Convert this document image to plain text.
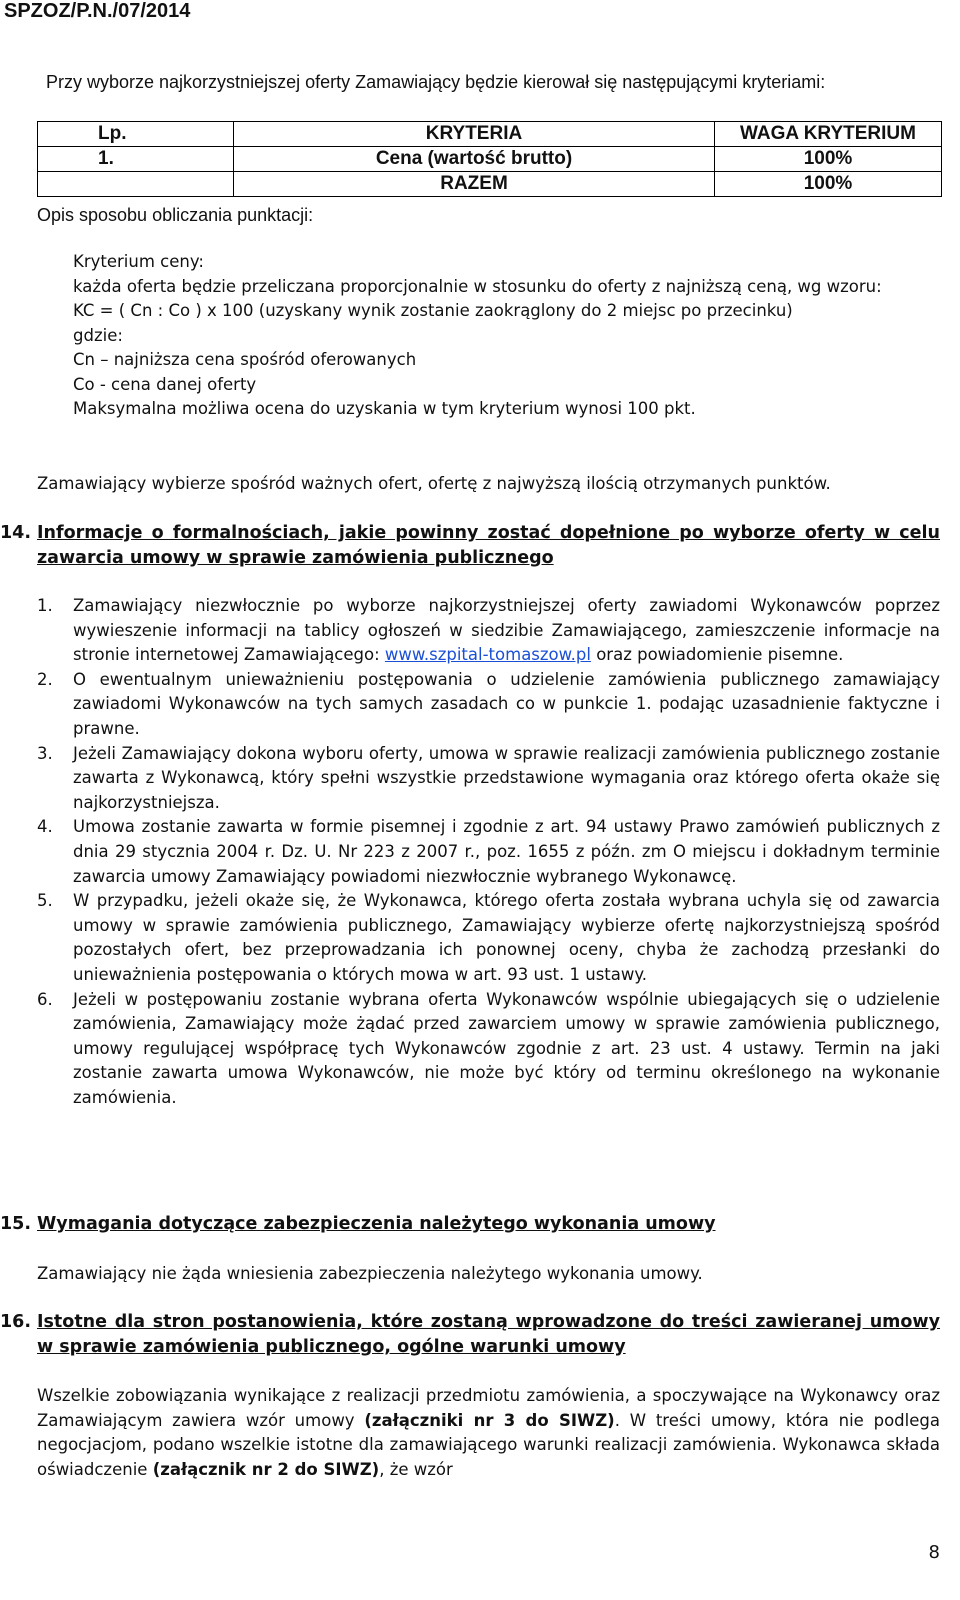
SPZOZ/P.N./07/2014
Przy wyborze najkorzystniejszej oferty Zamawiający będzie kierował się następującymi kryteriami:
Lp.	KRYTERIA	WAGA KRYTERIUM
1.	Cena (wartość brutto)	100%
	RAZEM	100%
Opis sposobu obliczania punktacji:
Kryterium ceny:
każda oferta będzie przeliczana proporcjonalnie w stosunku do oferty z najniższą ceną, wg wzoru:
KC = ( Cn : Co ) x 100 (uzyskany wynik zostanie zaokrąglony do 2 miejsc po przecinku)
gdzie:
Cn – najniższa cena spośród oferowanych
Co - cena danej oferty
Maksymalna możliwa ocena do uzyskania w tym kryterium wynosi 100 pkt.
Zamawiający wybierze spośród ważnych ofert, ofertę z najwyższą ilością otrzymanych punktów.
14. Informacje o formalnościach, jakie powinny zostać dopełnione po wyborze oferty w celu zawarcia umowy w sprawie zamówienia publicznego
1. Zamawiający niezwłocznie po wyborze najkorzystniejszej oferty zawiadomi Wykonawców poprzez wywieszenie informacji na tablicy ogłoszeń w siedzibie Zamawiającego, zamieszczenie informacje na stronie internetowej Zamawiającego: www.szpital-tomaszow.pl oraz powiadomienie pisemne.
2. O ewentualnym unieważnieniu postępowania o udzielenie zamówienia publicznego zamawiający zawiadomi Wykonawców na tych samych zasadach co w punkcie 1. podając uzasadnienie faktyczne i prawne.
3. Jeżeli Zamawiający dokona wyboru oferty, umowa w sprawie realizacji zamówienia publicznego zostanie zawarta z Wykonawcą, który spełni wszystkie przedstawione wymagania oraz którego oferta okaże się najkorzystniejsza.
4. Umowa zostanie zawarta w formie pisemnej i zgodnie z art. 94 ustawy Prawo zamówień publicznych z dnia 29 stycznia 2004 r. Dz. U. Nr 223 z 2007 r., poz. 1655 z późn. zm O miejscu i dokładnym terminie zawarcia umowy Zamawiający powiadomi niezwłocznie wybranego Wykonawcę.
5. W przypadku, jeżeli okaże się, że Wykonawca, którego oferta została wybrana uchyla się od zawarcia umowy w sprawie zamówienia publicznego, Zamawiający wybierze ofertę najkorzystniejszą spośród pozostałych ofert, bez przeprowadzania ich ponownej oceny, chyba że zachodzą przesłanki do unieważnienia postępowania o których mowa w art. 93 ust. 1 ustawy.
6. Jeżeli w postępowaniu zostanie wybrana oferta Wykonawców wspólnie ubiegających się o udzielenie zamówienia, Zamawiający może żądać przed zawarciem umowy w sprawie zamówienia publicznego, umowy regulującej współpracę tych Wykonawców zgodnie z art. 23 ust. 4 ustawy. Termin na jaki zostanie zawarta umowa Wykonawców, nie może być który od terminu określonego na wykonanie zamówienia.
15. Wymagania dotyczące zabezpieczenia należytego wykonania umowy
Zamawiający nie żąda wniesienia zabezpieczenia należytego wykonania umowy.
16. Istotne dla stron postanowienia, które zostaną wprowadzone do treści zawieranej umowy w sprawie zamówienia publicznego, ogólne warunki umowy
Wszelkie zobowiązania wynikające z realizacji przedmiotu zamówienia, a spoczywające na Wykonawcy oraz Zamawiającym zawiera wzór umowy (załączniki nr 3 do SIWZ). W treści umowy, która nie podlega negocjacjom, podano wszelkie istotne dla zamawiającego warunki realizacji zamówienia. Wykonawca składa oświadczenie (załącznik nr 2 do SIWZ), że wzór
8
